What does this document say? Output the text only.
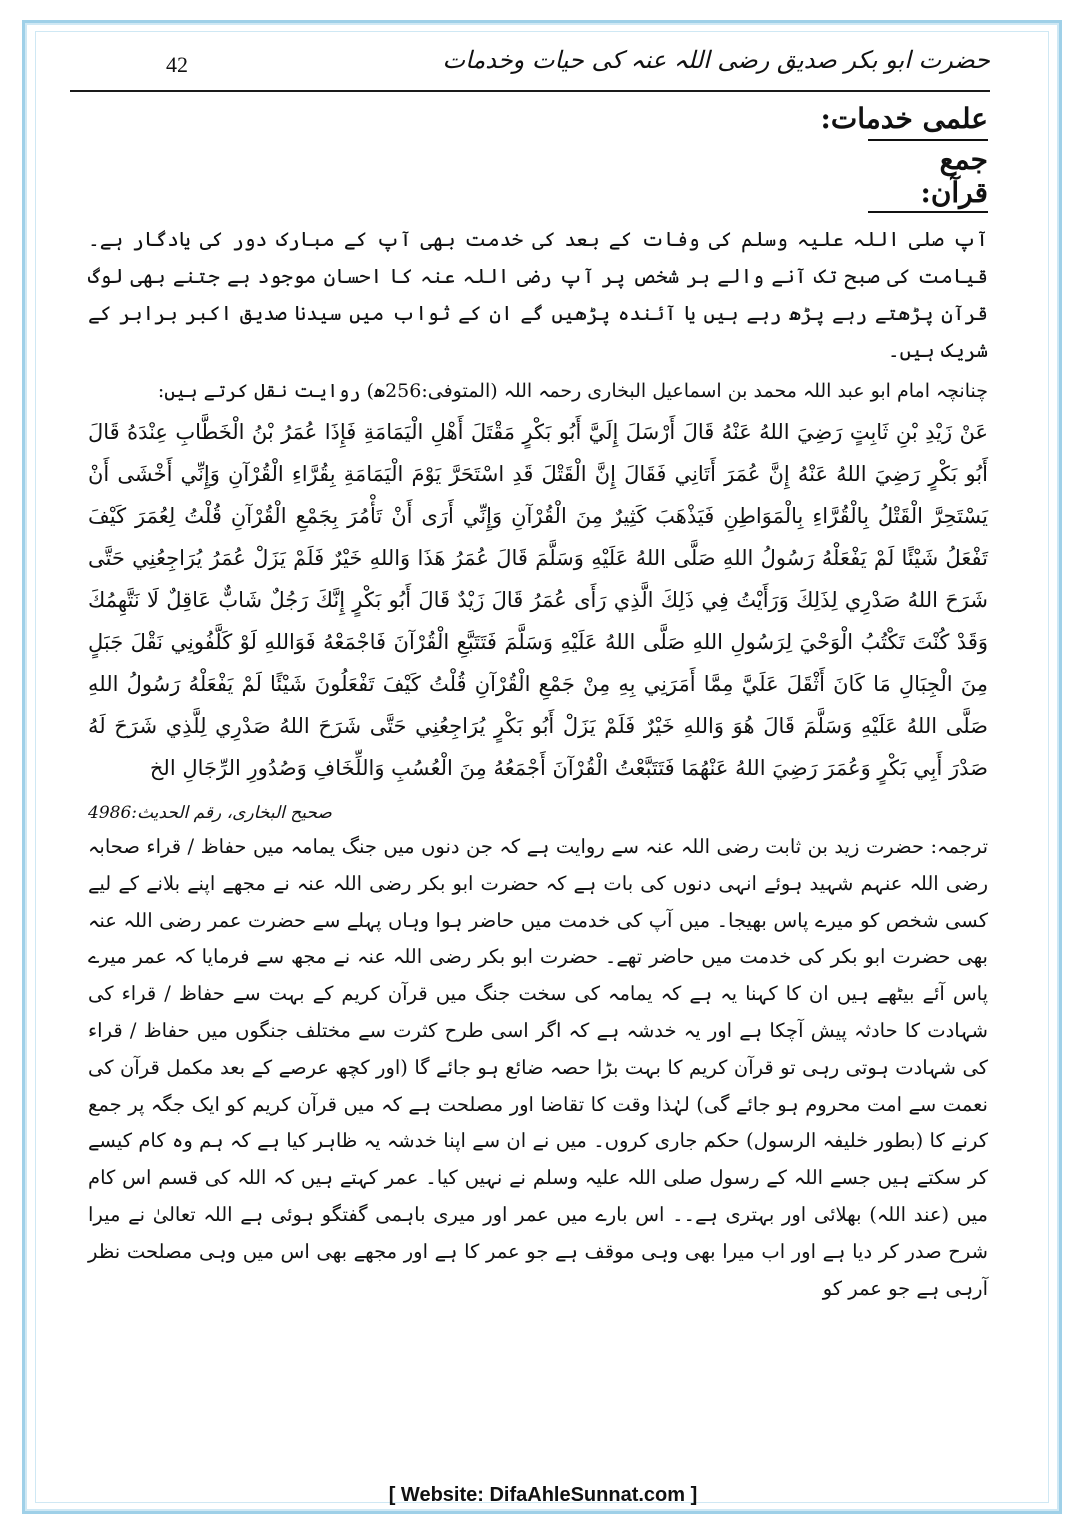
حضرت ابو بکر صدیق رضی اللہ عنہ کی حیات وخدمات
42
علمی خدمات:
جمع قرآن:

آپ صلی اللہ علیہ وسلم کی وفات کے بعد کی خدمت بھی آپ کے مبارک دور کی یادگار ہے۔ قیامت کی صبح تک آنے والے ہر شخص پر آپ رضی اللہ عنہ کا احسان موجود ہے جتنے بھی لوگ قرآن پڑھتے رہے پڑھ رہے ہیں یا آئندہ پڑھیں گے ان کے ثواب میں سیدنا صدیق اکبر برابر کے شریک ہیں۔

چنانچہ امام ابو عبد اللہ محمد بن اسماعیل البخاری رحمہ اللہ (المتوفی:256ھ) روایت نقل کرتے ہیں:

عَنْ زَيْدِ بْنِ ثَابِتٍ رَضِيَ اللهُ عَنْهُ قَالَ أَرْسَلَ إِلَيَّ أَبُو بَكْرٍ مَقْتَلَ أَهْلِ الْيَمَامَةِ فَإِذَا عُمَرُ بْنُ الْخَطَّابِ عِنْدَهُ قَالَ أَبُو بَكْرٍ رَضِيَ اللهُ عَنْهُ إِنَّ عُمَرَ أَتَانِي فَقَالَ إِنَّ الْقَتْلَ قَدِ اسْتَحَرَّ يَوْمَ الْيَمَامَةِ بِقُرَّاءِ الْقُرْآنِ وَإِنِّي أَخْشَى أَنْ يَسْتَحِرَّ الْقَتْلُ بِالْقُرَّاءِ بِالْمَوَاطِنِ فَيَذْهَبَ كَثِيرٌ مِنَ الْقُرْآنِ وَإِنِّي أَرَى أَنْ تَأْمُرَ بِجَمْعِ الْقُرْآنِ قُلْتُ لِعُمَرَ كَيْفَ تَفْعَلُ شَيْئًا لَمْ يَفْعَلْهُ رَسُولُ اللهِ صَلَّى اللهُ عَلَيْهِ وَسَلَّمَ قَالَ عُمَرُ هَذَا وَاللهِ خَيْرٌ فَلَمْ يَزَلْ عُمَرُ يُرَاجِعُنِي حَتَّى شَرَحَ اللهُ صَدْرِي لِذَلِكَ وَرَأَيْتُ فِي ذَلِكَ الَّذِي رَأَى عُمَرُ قَالَ زَيْدٌ قَالَ أَبُو بَكْرٍ إِنَّكَ رَجُلٌ شَابٌّ عَاقِلٌ لَا نَتَّهِمُكَ وَقَدْ كُنْتَ تَكْتُبُ الْوَحْيَ لِرَسُولِ اللهِ صَلَّى اللهُ عَلَيْهِ وَسَلَّمَ فَتَتَبَّعِ الْقُرْآنَ فَاجْمَعْهُ فَوَاللهِ لَوْ كَلَّفُونِي نَقْلَ جَبَلٍ مِنَ الْجِبَالِ مَا كَانَ أَثْقَلَ عَلَيَّ مِمَّا أَمَرَنِي بِهِ مِنْ جَمْعِ الْقُرْآنِ قُلْتُ كَيْفَ تَفْعَلُونَ شَيْئًا لَمْ يَفْعَلْهُ رَسُولُ اللهِ صَلَّى اللهُ عَلَيْهِ وَسَلَّمَ قَالَ هُوَ وَاللهِ خَيْرٌ فَلَمْ يَزَلْ أَبُو بَكْرٍ يُرَاجِعُنِي حَتَّى شَرَحَ اللهُ صَدْرِي لِلَّذِي شَرَحَ لَهُ صَدْرَ أَبِي بَكْرٍ وَعُمَرَ رَضِيَ اللهُ عَنْهُمَا فَتَتَبَّعْتُ الْقُرْآنَ أَجْمَعُهُ مِنَ الْعُسُبِ وَاللِّخَافِ وَصُدُورِ الرِّجَالِ الخ

صحیح البخاری، رقم الحدیث:4986

ترجمہ: حضرت زید بن ثابت رضی اللہ عنہ سے روایت ہے کہ جن دنوں میں جنگ یمامہ میں حفاظ / قراء صحابہ رضی اللہ عنہم شہید ہوئے انہی دنوں کی بات ہے کہ حضرت ابو بکر رضی اللہ عنہ نے مجھے اپنے بلانے کے لیے کسی شخص کو میرے پاس بھیجا۔ میں آپ کی خدمت میں حاضر ہوا وہاں پہلے سے حضرت عمر رضی اللہ عنہ بھی حضرت ابو بکر کی خدمت میں حاضر تھے۔ حضرت ابو بکر رضی اللہ عنہ نے مجھ سے فرمایا کہ عمر میرے پاس آئے بیٹھے ہیں ان کا کہنا یہ ہے کہ یمامہ کی سخت جنگ میں قرآن کریم کے بہت سے حفاظ / قراء کی شہادت کا حادثہ پیش آچکا ہے اور یہ خدشہ ہے کہ اگر اسی طرح کثرت سے مختلف جنگوں میں حفاظ / قراء کی شہادت ہوتی رہی تو قرآن کریم کا بہت بڑا حصہ ضائع ہو جائے گا (اور کچھ عرصے کے بعد مکمل قرآن کی نعمت سے امت محروم ہو جائے گی) لہٰذا وقت کا تقاضا اور مصلحت ہے کہ میں قرآن کریم کو ایک جگہ پر جمع کرنے کا (بطور خلیفہ الرسول) حکم جاری کروں۔ میں نے ان سے اپنا خدشہ یہ ظاہر کیا ہے کہ ہم وہ کام کیسے کر سکتے ہیں جسے اللہ کے رسول صلی اللہ علیہ وسلم نے نہیں کیا۔ عمر کہتے ہیں کہ اللہ کی قسم اس کام میں (عند اللہ) بھلائی اور بہتری ہے۔۔ اس بارے میں عمر اور میری باہمی گفتگو ہوئی ہے اللہ تعالیٰ نے میرا شرح صدر کر دیا ہے اور اب میرا بھی وہی موقف ہے جو عمر کا ہے اور مجھے بھی اس میں وہی مصلحت نظر آرہی ہے جو عمر کو

[ Website: DifaAhleSunnat.com ]
